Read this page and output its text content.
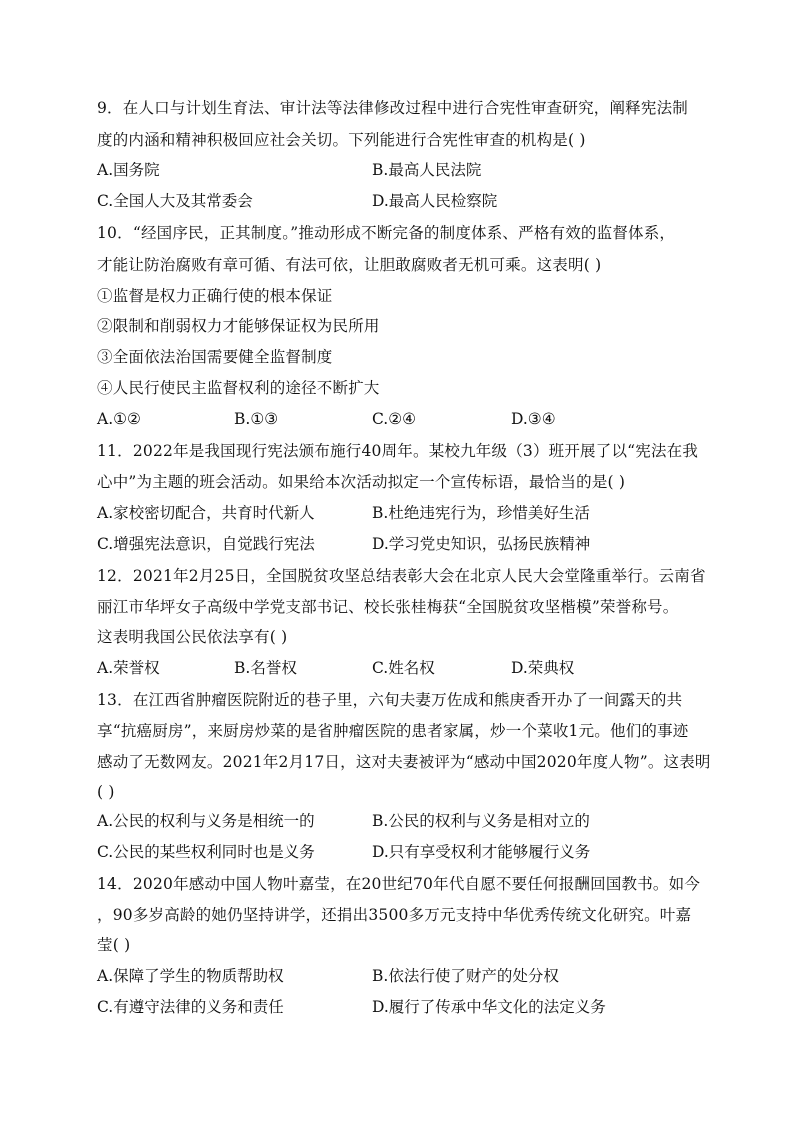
9．在人口与计划生育法、审计法等法律修改过程中进行合宪性审查研究，阐释宪法制
度的内涵和精神积极回应社会关切。下列能进行合宪性审查的机构是( )
A.国务院	B.最高人民法院
C.全国人大及其常委会	D.最高人民检察院
10．“经国序民，正其制度。”推动形成不断完备的制度体系、严格有效的监督体系，
才能让防治腐败有章可循、有法可依，让胆敢腐败者无机可乘。这表明( )
①监督是权力正确行使的根本保证
②限制和削弱权力才能够保证权为民所用
③全面依法治国需要健全监督制度
④人民行使民主监督权利的途径不断扩大
A.①②	B.①③	C.②④	D.③④
11．2022年是我国现行宪法颁布施行40周年。某校九年级（3）班开展了以“宪法在我
心中”为主题的班会活动。如果给本次活动拟定一个宣传标语，最恰当的是( )
A.家校密切配合，共育时代新人	B.杜绝违宪行为，珍惜美好生活
C.增强宪法意识，自觉践行宪法	D.学习党史知识，弘扬民族精神
12．2021年2月25日，全国脱贫攻坚总结表彰大会在北京人民大会堂隆重举行。云南省
丽江市华坪女子高级中学党支部书记、校长张桂梅获“全国脱贫攻坚楷模”荣誉称号。
这表明我国公民依法享有( )
A.荣誉权	B.名誉权	C.姓名权	D.荣典权
13．在江西省肿瘤医院附近的巷子里，六旬夫妻万佐成和熊庚香开办了一间露天的共
享“抗癌厨房”，来厨房炒菜的是省肿瘤医院的患者家属，炒一个菜收1元。他们的事迹
感动了无数网友。2021年2月17日，这对夫妻被评为“感动中国2020年度人物”。这表明
( )
A.公民的权利与义务是相统一的	B.公民的权利与义务是相对立的
C.公民的某些权利同时也是义务	D.只有享受权利才能够履行义务
14．2020年感动中国人物叶嘉莹，在20世纪70年代自愿不要任何报酬回国教书。如今
，90多岁高龄的她仍坚持讲学，还捐出3500多万元支持中华优秀传统文化研究。叶嘉
莹( )
A.保障了学生的物质帮助权	B.依法行使了财产的处分权
C.有遵守法律的义务和责任	D.履行了传承中华文化的法定义务
